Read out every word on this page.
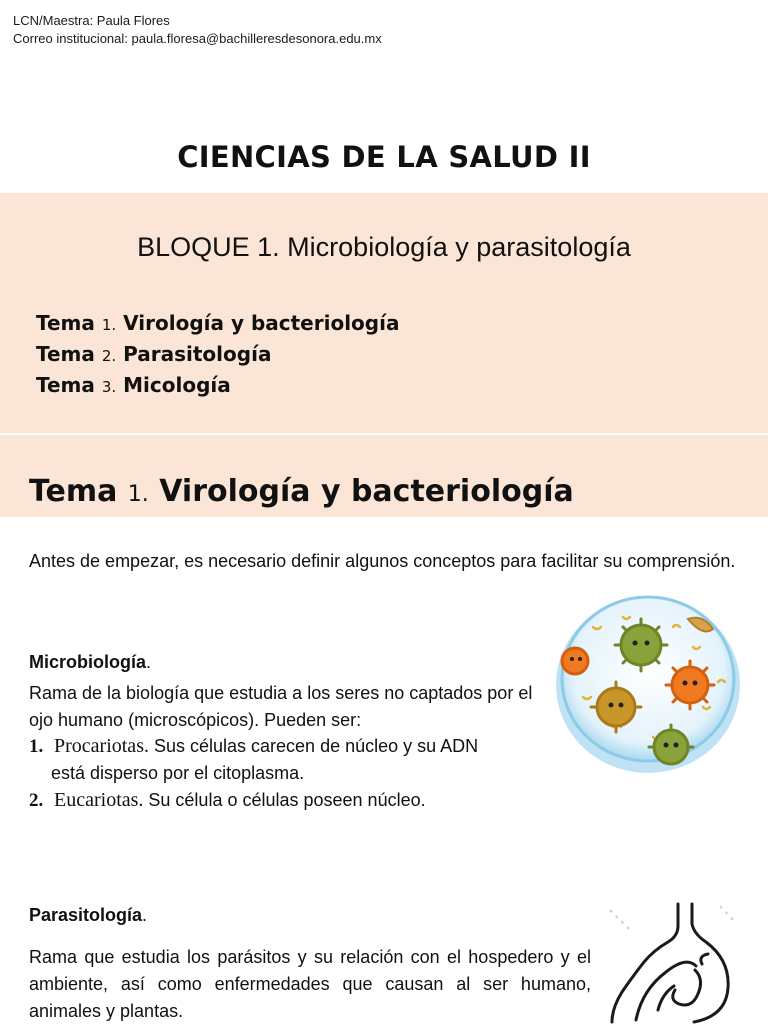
LCN/Maestra: Paula Flores
Correo institucional: paula.floresa@bachilleresdesonora.edu.mx
CIENCIAS DE LA SALUD II
BLOQUE 1. Microbiología y parasitología
Tema 1. Virología y bacteriología
Tema 2. Parasitología
Tema 3. Micología
Tema 1. Virología y bacteriología
Antes de empezar, es necesario definir algunos conceptos para facilitar su comprensión.
Microbiología.
Rama de la biología que estudia a los seres no captados por el ojo humano (microscópicos). Pueden ser:
1. Procariotas. Sus células carecen de núcleo y su ADN
está disperso por el citoplasma.
2. Eucariotas. Su célula o células poseen núcleo.
Parasitología.
Rama que estudia los parásitos y su relación con el hospedero y el ambiente, así como enfermedades que causan al ser humano, animales y plantas.
